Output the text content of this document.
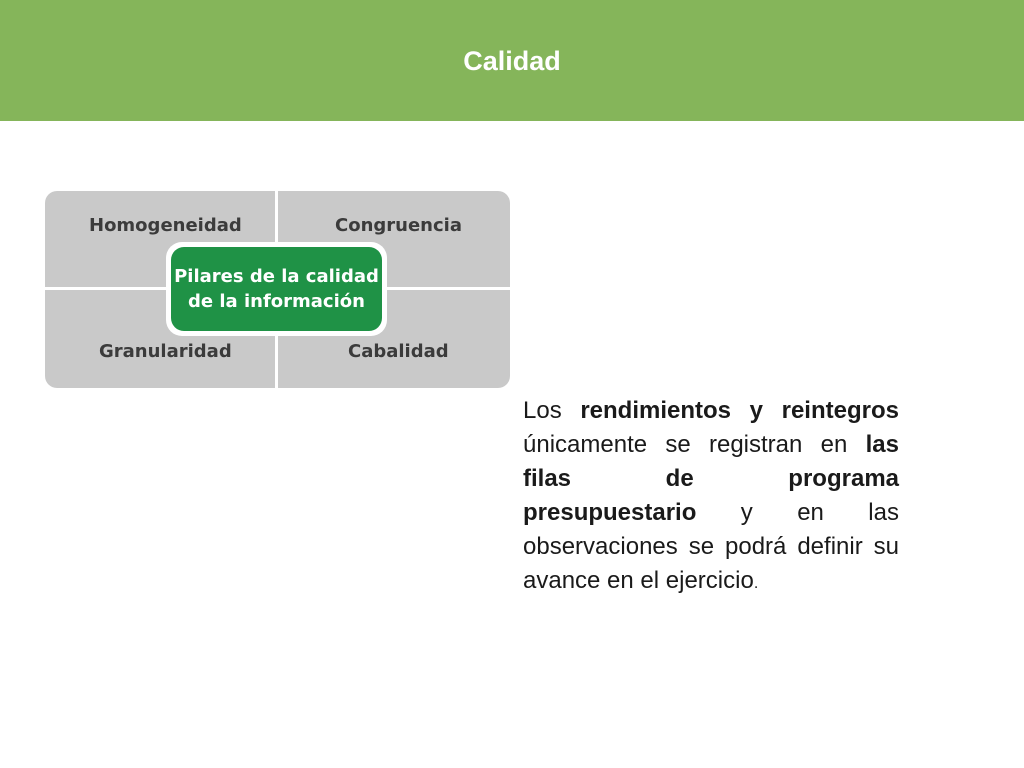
Calidad
Homogeneidad	Congruencia
Granularidad	Cabalidad
Pilares de la calidad
de la información
Los rendimientos y reintegros únicamente se registran en las filas de programa presupuestario y en las observaciones se podrá definir su avance en el ejercicio.
